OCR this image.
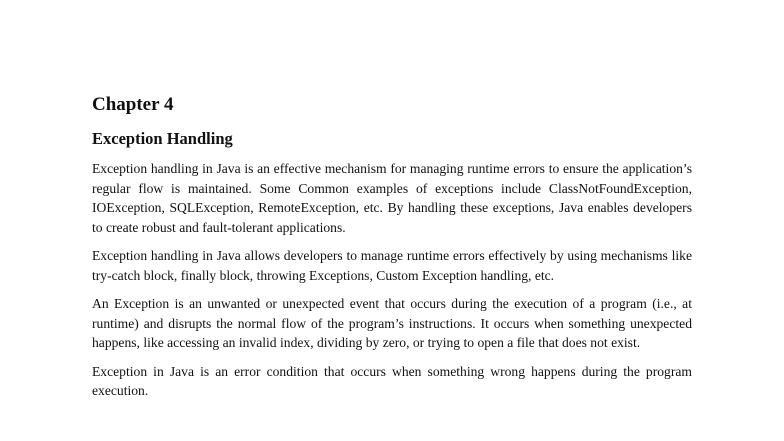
Chapter 4
Exception Handling

Exception handling in Java is an effective mechanism for managing runtime errors to ensure the application’s regular flow is maintained. Some Common examples of exceptions include ClassNotFoundException, IOException, SQLException, RemoteException, etc. By handling these exceptions, Java enables developers to create robust and fault-tolerant applications.

Exception handling in Java allows developers to manage runtime errors effectively by using mechanisms like try-catch block, finally block, throwing Exceptions, Custom Exception handling, etc.

An Exception is an unwanted or unexpected event that occurs during the execution of a program (i.e., at runtime) and disrupts the normal flow of the program’s instructions. It occurs when something unexpected happens, like accessing an invalid index, dividing by zero, or trying to open a file that does not exist.

Exception in Java is an error condition that occurs when something wrong happens during the program execution.
